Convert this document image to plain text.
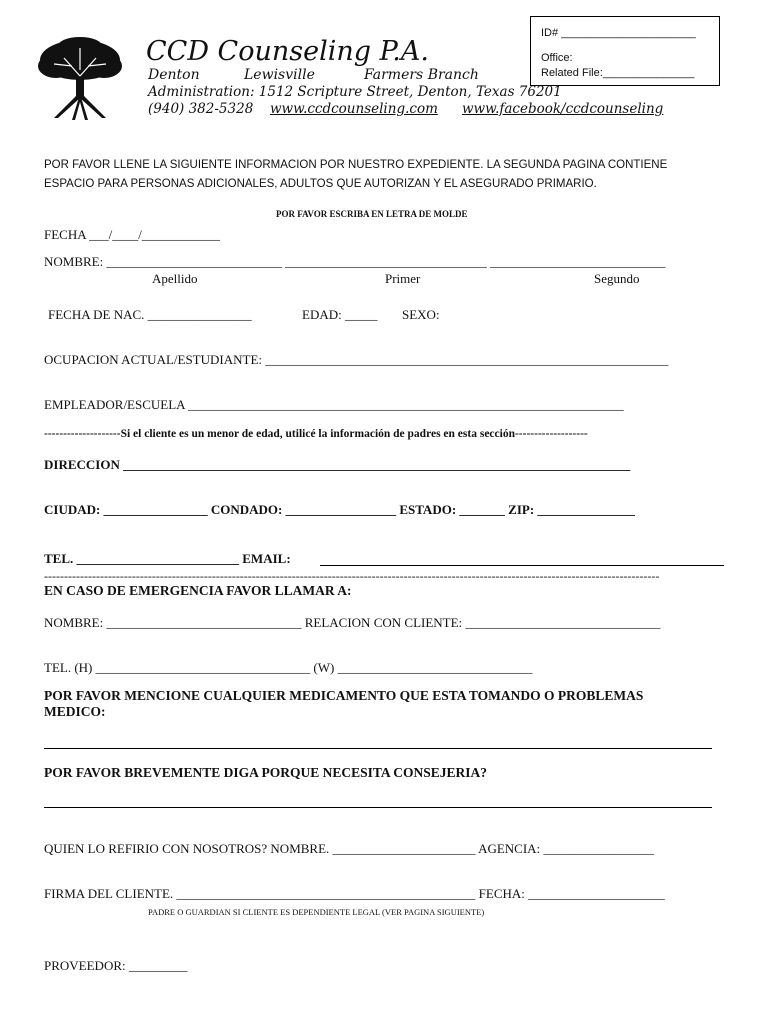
CCD Counseling P.A.
Denton	Lewisville	Farmers Branch
Administration: 1512 Scripture Street, Denton, Texas 76201
(940) 382-5328 www.ccdcounseling.com www.facebook/ccdcounseling
ID# ______________________
Office:
Related File:_______________
POR FAVOR LLENE LA SIGUIENTE INFORMACION POR NUESTRO EXPEDIENTE. LA SEGUNDA PAGINA CONTIENE
ESPACIO PARA PERSONAS ADICIONALES, ADULTOS QUE AUTORIZAN Y EL ASEGURADO PRIMARIO.
POR FAVOR ESCRIBA EN LETRA DE MOLDE
FECHA ___/____/____________
NOMBRE: ___________________________ _______________________________ ___________________________
Apellido	Primer	Segundo
FECHA DE NAC. ________________	EDAD: _____ SEXO:
OCUPACION ACTUAL/ESTUDIANTE: ______________________________________________________________
EMPLEADOR/ESCUELA ___________________________________________________________________
--------------------Si el cliente es un menor de edad, utilicé la información de padres en esta sección-------------------
DIRECCION ______________________________________________________________________________
CIUDAD: ________________ CONDADO: _________________ ESTADO: _______ ZIP: _______________
TEL. _________________________ EMAIL:
----------------------------------------------------------------------------------------------------------------------------------------------------------
EN CASO DE EMERGENCIA FAVOR LLAMAR A:
NOMBRE: ______________________________ RELACION CON CLIENTE: ______________________________
TEL. (H) _________________________________ (W) ______________________________
POR FAVOR MENCIONE CUALQUIER MEDICAMENTO QUE ESTA TOMANDO O PROBLEMAS
MEDICO:
POR FAVOR BREVEMENTE DIGA PORQUE NECESITA CONSEJERIA?
QUIEN LO REFIRIO CON NOSOTROS? NOMBRE. ______________________ AGENCIA: _________________
FIRMA DEL CLIENTE. ______________________________________________ FECHA: _____________________
PADRE O GUARDIAN SI CLIENTE ES DEPENDIENTE LEGAL (VER PAGINA SIGUIENTE)
PROVEEDOR: _________
